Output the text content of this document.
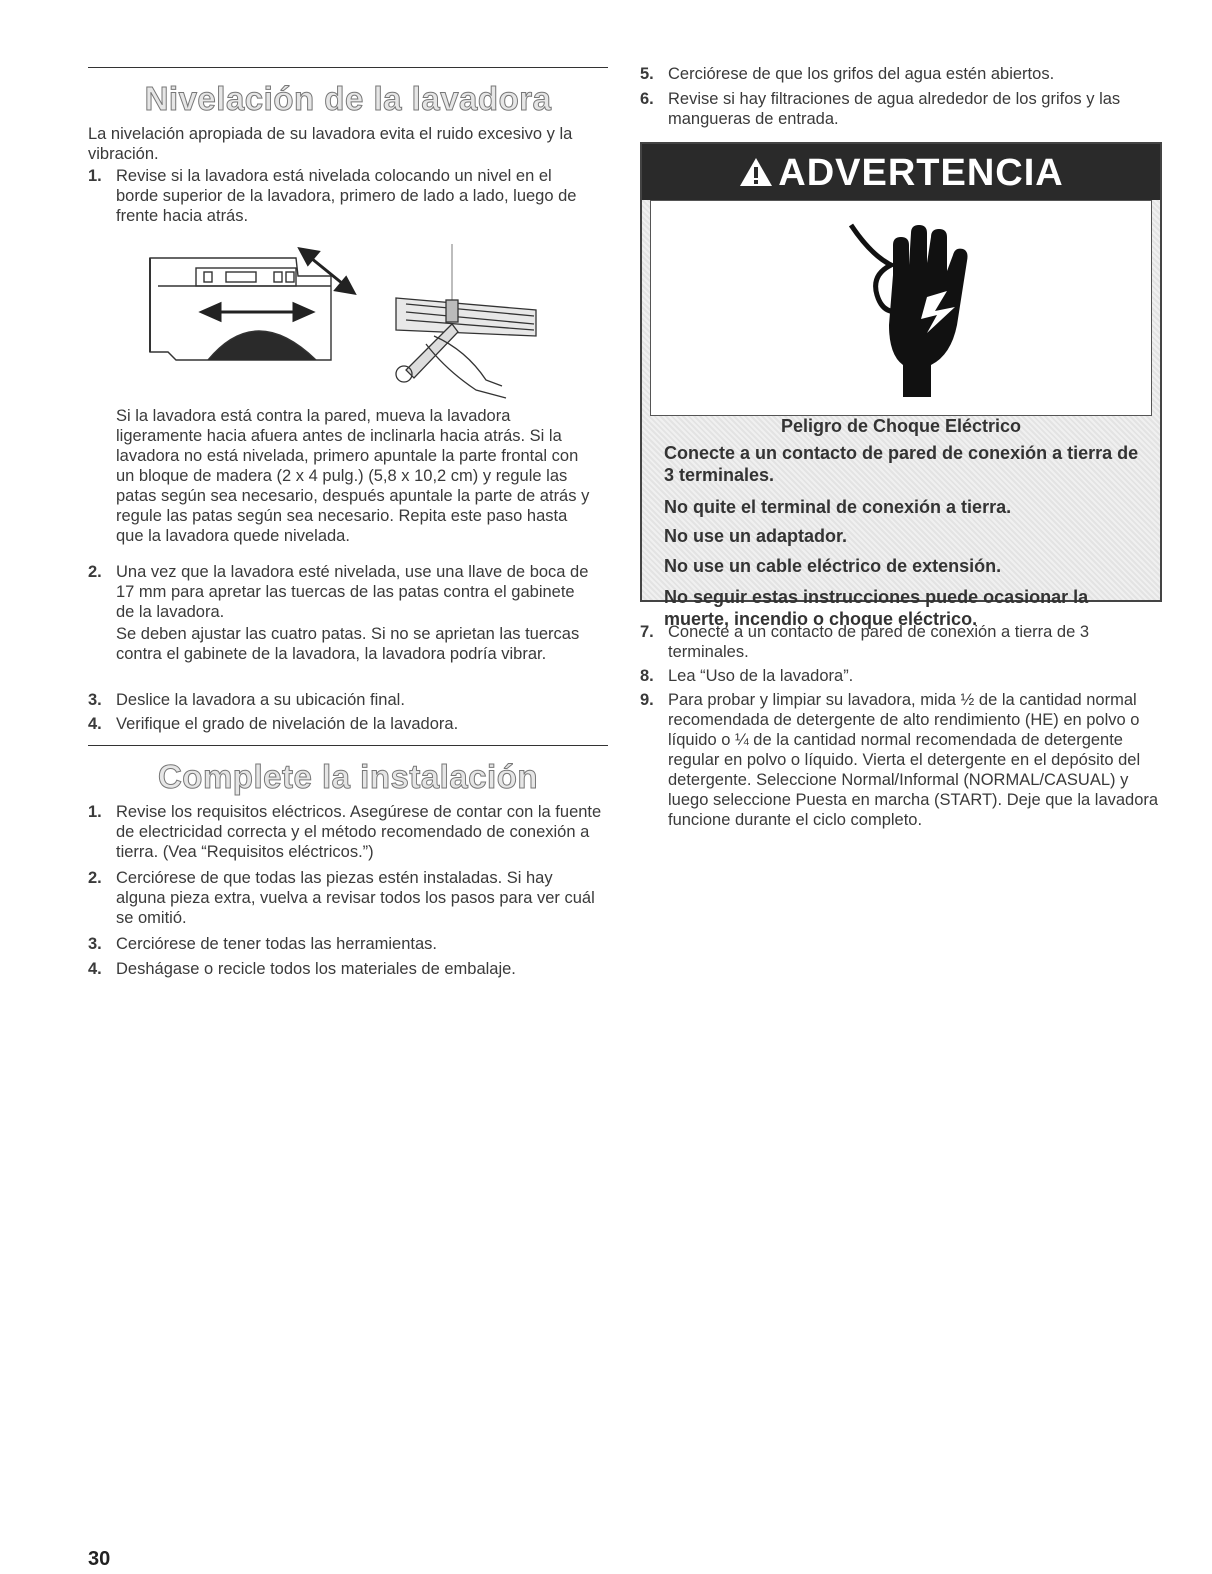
Nivelación de la lavadora
La nivelación apropiada de su lavadora evita el ruido excesivo y la vibración.
1. Revise si la lavadora está nivelada colocando un nivel en el borde superior de la lavadora, primero de lado a lado, luego de frente hacia atrás.
Si la lavadora está contra la pared, mueva la lavadora ligeramente hacia afuera antes de inclinarla hacia atrás. Si la lavadora no está nivelada, primero apuntale la parte frontal con un bloque de madera (2 x 4 pulg.) (5,8 x 10,2 cm) y regule las patas según sea necesario, después apuntale la parte de atrás y regule las patas según sea necesario. Repita este paso hasta que la lavadora quede nivelada.
2. Una vez que la lavadora esté nivelada, use una llave de boca de 17 mm para apretar las tuercas de las patas contra el gabinete de la lavadora.
Se deben ajustar las cuatro patas. Si no se aprietan las tuercas contra el gabinete de la lavadora, la lavadora podría vibrar.
3. Deslice la lavadora a su ubicación final.
4. Verifique el grado de nivelación de la lavadora.
Complete la instalación
1. Revise los requisitos eléctricos. Asegúrese de contar con la fuente de electricidad correcta y el método recomendado de conexión a tierra. (Vea “Requisitos eléctricos.”)
2. Cerciórese de que todas las piezas estén instaladas. Si hay alguna pieza extra, vuelva a revisar todos los pasos para ver cuál se omitió.
3. Cerciórese de tener todas las herramientas.
4. Deshágase o recicle todos los materiales de embalaje.
5. Cerciórese de que los grifos del agua estén abiertos.
6. Revise si hay filtraciones de agua alrededor de los grifos y las mangueras de entrada.
ADVERTENCIA
Peligro de Choque Eléctrico
Conecte a un contacto de pared de conexión a tierra de 3 terminales.
No quite el terminal de conexión a tierra.
No use un adaptador.
No use un cable eléctrico de extensión.
No seguir estas instrucciones puede ocasionar la muerte, incendio o choque eléctrico.
7. Conecte a un contacto de pared de conexión a tierra de 3 terminales.
8. Lea “Uso de la lavadora”.
9. Para probar y limpiar su lavadora, mida ½ de la cantidad normal recomendada de detergente de alto rendimiento (HE) en polvo o líquido o ¼ de la cantidad normal recomendada de detergente regular en polvo o líquido. Vierta el detergente en el depósito del detergente. Seleccione Normal/Informal (NORMAL/CASUAL) y luego seleccione Puesta en marcha (START). Deje que la lavadora funcione durante el ciclo completo.
30
